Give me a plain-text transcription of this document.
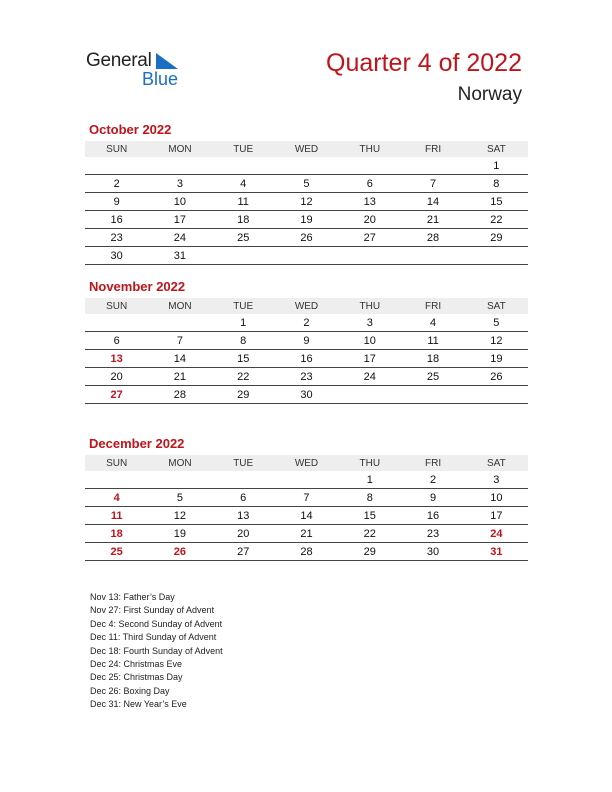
General
Blue
Quarter 4 of 2022
Norway
October 2022
SUN	MON	TUE	WED	THU	FRI	SAT
						1
2	3	4	5	6	7	8
9	10	11	12	13	14	15
16	17	18	19	20	21	22
23	24	25	26	27	28	29
30	31					
November 2022
SUN	MON	TUE	WED	THU	FRI	SAT
		1	2	3	4	5
6	7	8	9	10	11	12
13	14	15	16	17	18	19
20	21	22	23	24	25	26
27	28	29	30			
December 2022
SUN	MON	TUE	WED	THU	FRI	SAT
				1	2	3
4	5	6	7	8	9	10
11	12	13	14	15	16	17
18	19	20	21	22	23	24
25	26	27	28	29	30	31
Nov 13: Father’s Day
Nov 27: First Sunday of Advent
Dec 4: Second Sunday of Advent
Dec 11: Third Sunday of Advent
Dec 18: Fourth Sunday of Advent
Dec 24: Christmas Eve
Dec 25: Christmas Day
Dec 26: Boxing Day
Dec 31: New Year’s Eve
